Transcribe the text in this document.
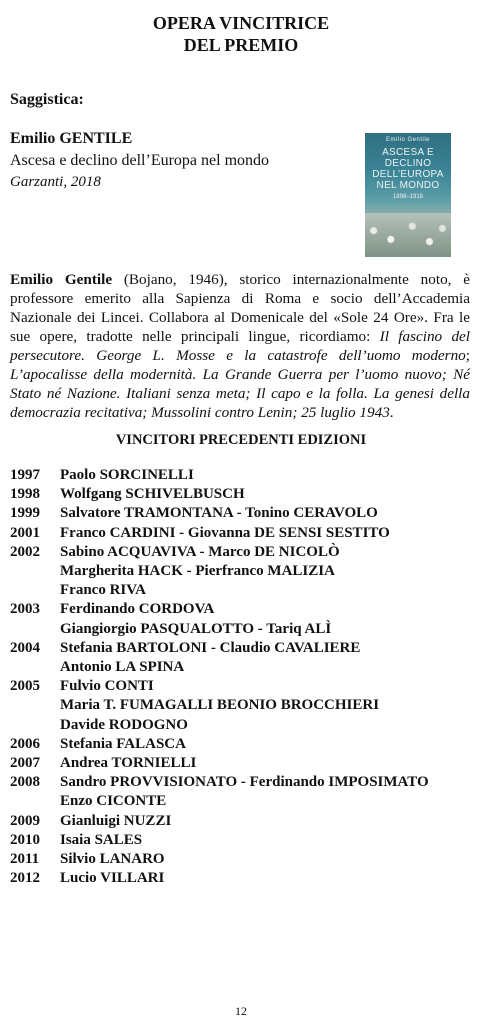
OPERA VINCITRICE
DEL PREMIO
Saggistica:
Emilio GENTILE
Ascesa e declino dell’Europa nel mondo
Garzanti, 2018
Emilio Gentile
ASCESA E DECLINO DELL’EUROPA NEL MONDO
1898–1918

Emilio Gentile (Bojano, 1946), storico internazionalmente noto, è professore emerito alla Sapienza di Roma e socio dell’Accademia Nazionale dei Lincei. Collabora al Domenicale del «Sole 24 Ore». Fra le sue opere, tradotte nelle principali lingue, ricordiamo: Il fascino del persecutore. George L. Mosse e la catastrofe dell’uomo moderno; L’apocalisse della modernità. La Grande Guerra per l’uomo nuovo; Né Stato né Nazione. Italiani senza meta; Il capo e la folla. La genesi della democrazia recitativa; Mussolini contro Lenin; 25 luglio 1943.

VINCITORI PRECEDENTI EDIZIONI
1997	Paolo SORCINELLI
1998	Wolfgang SCHIVELBUSCH
1999	Salvatore TRAMONTANA - Tonino CERAVOLO
2001	Franco CARDINI - Giovanna DE SENSI SESTITO
2002	Sabino ACQUAVIVA - Marco DE NICOLÒ
Margherita HACK - Pierfranco MALIZIA
Franco RIVA
2003	Ferdinando CORDOVA
Giangiorgio PASQUALOTTO - Tariq ALÌ
2004	Stefania BARTOLONI - Claudio CAVALIERE
Antonio LA SPINA
2005	Fulvio CONTI
Maria T. FUMAGALLI BEONIO BROCCHIERI
Davide RODOGNO
2006	Stefania FALASCA
2007	Andrea TORNIELLI
2008	Sandro PROVVISIONATO - Ferdinando IMPOSIMATO
Enzo CICONTE
2009	Gianluigi NUZZI
2010	Isaia SALES
2011	Silvio LANARO
2012	Lucio VILLARI
12
